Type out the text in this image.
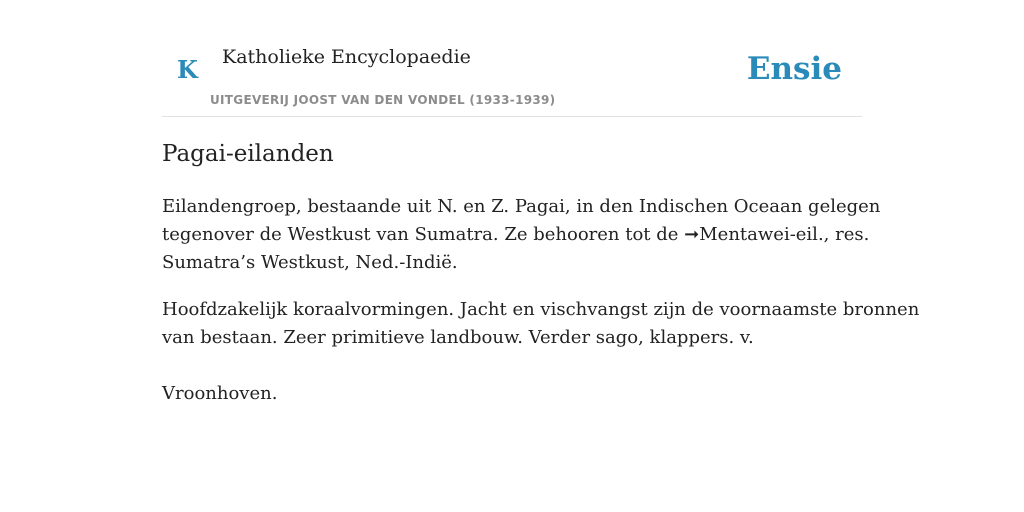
K Katholieke Encyclopaedie
UITGEVERIJ JOOST VAN DEN VONDEL (1933-1939)
Ensie
Pagai-eilanden

Eilandengroep, bestaande uit N. en Z. Pagai, in den Indischen Oceaan gelegen
tegenover de Westkust van Sumatra. Ze behooren tot de ➞Mentawei-eil., res.
Sumatra’s Westkust, Ned.-Indië.

Hoofdzakelijk koraalvormingen. Jacht en vischvangst zijn de voornaamste bronnen
van bestaan. Zeer primitieve landbouw. Verder sago, klappers. v.

Vroonhoven.
